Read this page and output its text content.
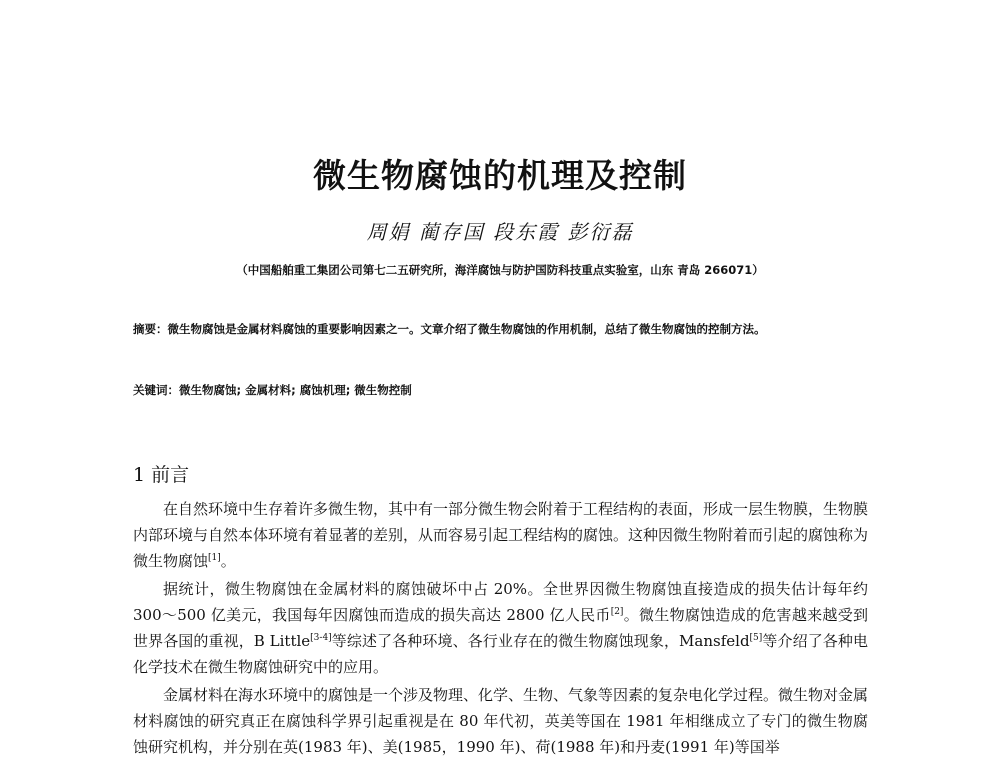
微生物腐蚀的机理及控制
周娟 蔺存国 段东霞 彭衍磊
（中国船舶重工集团公司第七二五研究所，海洋腐蚀与防护国防科技重点实验室，山东 青岛 266071）
摘要：微生物腐蚀是金属材料腐蚀的重要影响因素之一。文章介绍了微生物腐蚀的作用机制，总结了微生物腐蚀的控制方法。
关键词：微生物腐蚀; 金属材料; 腐蚀机理; 微生物控制
1 前言

在自然环境中生存着许多微生物，其中有一部分微生物会附着于工程结构的表面，形成一层生物膜，生物膜内部环境与自然本体环境有着显著的差别，从而容易引起工程结构的腐蚀。这种因微生物附着而引起的腐蚀称为微生物腐蚀[1]。

据统计，微生物腐蚀在金属材料的腐蚀破坏中占 20%。全世界因微生物腐蚀直接造成的损失估计每年约 300～500 亿美元，我国每年因腐蚀而造成的损失高达 2800 亿人民币[2]。微生物腐蚀造成的危害越来越受到世界各国的重视，B Little[3-4]等综述了各种环境、各行业存在的微生物腐蚀现象，Mansfeld[5]等介绍了各种电化学技术在微生物腐蚀研究中的应用。

金属材料在海水环境中的腐蚀是一个涉及物理、化学、生物、气象等因素的复杂电化学过程。微生物对金属材料腐蚀的研究真正在腐蚀科学界引起重视是在 80 年代初，英美等国在 1981 年相继成立了专门的微生物腐蚀研究机构，并分别在英(1983 年)、美(1985，1990 年)、荷(1988 年)和丹麦(1991 年)等国举
